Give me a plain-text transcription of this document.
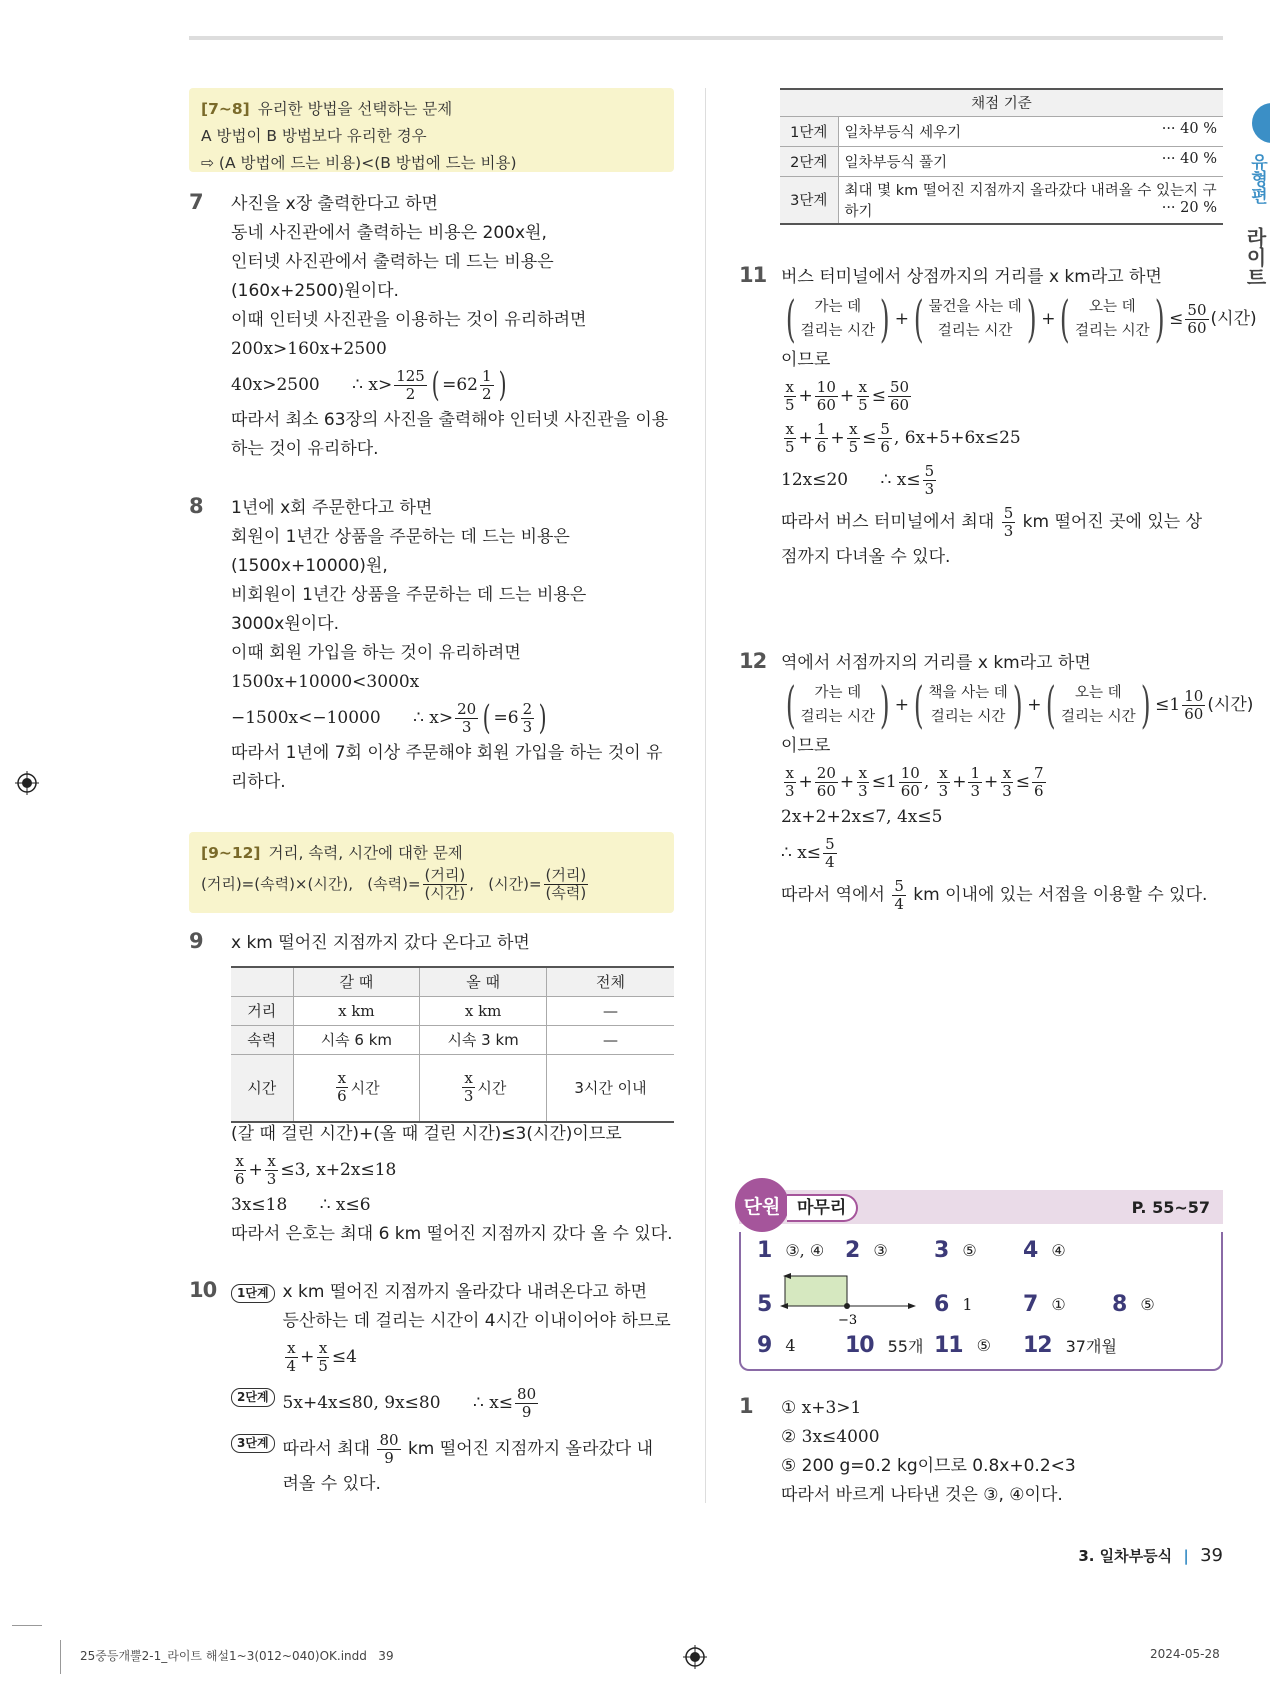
유형편
라이트
[7~8] 유리한 방법을 선택하는 문제
A 방법이 B 방법보다 유리한 경우
⇨ (A 방법에 드는 비용)<(B 방법에 드는 비용)
7 사진을 x장 출력한다고 하면
동네 사진관에서 출력하는 비용은 200x원,
인터넷 사진관에서 출력하는 데 드는 비용은
(160x+2500)원이다.
이때 인터넷 사진관을 이용하는 것이 유리하려면
200x>160x+2500
40x>2500      ∴ $x> \frac{125}{2}$ ( $=62 \frac{1}{2}$ )
따라서 최소 63장의 사진을 출력해야 인터넷 사진관을 이용
하는 것이 유리하다.
8 1년에 x회 주문한다고 하면
회원이 1년간 상품을 주문하는 데 드는 비용은
(1500x+10000)원,
비회원이 1년간 상품을 주문하는 데 드는 비용은
3000x원이다.
이때 회원 가입을 하는 것이 유리하려면
1500x+10000<3000x
−1500x<−10000      ∴ $x> \frac{20}{3}$ ( $=6 \frac{2}{3}$ )
따라서 1년에 7회 이상 주문해야 회원 가입을 하는 것이 유
리하다.
[9~12] 거리, 속력, 시간에 대한 문제
(거리)=(속력)×(시간),   (속력)= (거리)
(시간) ,   (시간)= (거리)
(속력)
9 x km 떨어진 지점까지 갔다 온다고 하면
	갈 때	올 때	전체

거리	x km	x km	—

속력	시속 6 km	시속 3 km	—

시간	$\frac{x}{6}$ 시간	$\frac{x}{3}$ 시간	3시간 이내
(갈 때 걸린 시간)+(올 때 걸린 시간)≤3(시간)이므로
$\frac{x}{6} + \frac{x}{3} \le 3$, x+2x≤18
3x≤18      ∴ x≤6
따라서 은호는 최대 6 km 떨어진 지점까지 갔다 올 수 있다.
10	1단계 x km 떨어진 지점까지 올라갔다 내려온다고 하면
등산하는 데 걸리는 시간이 4시간 이내이어야 하므로
$\frac{x}{4} + \frac{x}{5} \le 4$
2단계 5x+4x≤80, 9x≤80      ∴ $x\le \frac{80}{9}$
3단계 따라서 최대 $\frac{80}{9}$ km 떨어진 지점까지 올라갔다 내
려올 수 있다.
채점 기준	
1단계	일차부등식 세우기 ··· 40 %

2단계	일차부등식 풀기 ··· 40 %

3단계	최대 몇 km 떨어진 지점까지 올라갔다 내려올 수 있는지 구하기 ··· 20 %
11 버스 터미널에서 상점까지의 거리를 x km라고 하면
( 가는 데
걸리는 시간 ) + ( 물건을 사는 데
걸리는 시간 ) + ( 오는 데
걸리는 시간 ) ≤ $\frac{50}{60}$ (시간)
이므로
$\frac{x}{5} + \frac{10}{60} + \frac{x}{5} \le \frac{50}{60}$
$\frac{x}{5} + \frac{1}{6} + \frac{x}{5} \le \frac{5}{6}$ , 6x+5+6x≤25
12x≤20      ∴ $x\le \frac{5}{3}$
따라서 버스 터미널에서 최대 $\frac{5}{3}$ km 떨어진 곳에 있는 상
점까지 다녀올 수 있다.
12 역에서 서점까지의 거리를 x km라고 하면
( 가는 데
걸리는 시간 ) + ( 책을 사는 데
걸리는 시간 ) + ( 오는 데
걸리는 시간 ) $\le 1 \frac{10}{60}$ (시간)
이므로
$\frac{x}{3} + \frac{20}{60} + \frac{x}{3} \le 1 \frac{10}{60}$ , $\frac{x}{3} + \frac{1}{3} + \frac{x}{3} \le \frac{7}{6}$
2x+2+2x≤7, 4x≤5
∴ $x\le \frac{5}{4}$
따라서 역에서 $\frac{5}{4}$ km 이내에 있는 서점을 이용할 수 있다.
단원 마무리	P. 55~57
1 ③, ④ 2 ③ 3 ⑤ 4 ④
5	6 1 7 ① 8 ⑤
9 4 10 55개 11 ⑤ 12 37개월
−3
1 ① x+3>1
② 3x≤4000
⑤ 200 g=0.2 kg이므로 0.8x+0.2<3
따라서 바르게 나타낸 것은 ③, ④이다.
3. 일차부등식 | 39
25중등개뿔2-1_라이트 해설1~3(012~040)OK.indd   39	2024-05-28
